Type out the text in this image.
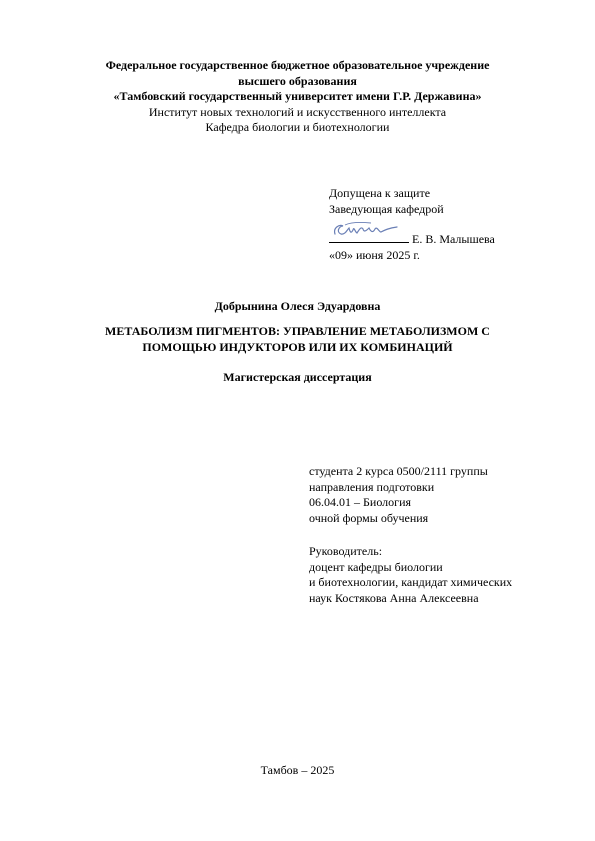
Федеральное государственное бюджетное образовательное учреждение
высшего образования
«Тамбовский государственный университет имени Г.Р. Державина»
Институт новых технологий и искусственного интеллекта
Кафедра биологии и биотехнологии
Допущена к защите
Заведующая кафедрой
Е. В. Малышева
«09» июня 2025 г.
Добрынина Олеся Эдуардовна
МЕТАБОЛИЗМ ПИГМЕНТОВ: УПРАВЛЕНИЕ МЕТАБОЛИЗМОМ С
ПОМОЩЬЮ ИНДУКТОРОВ ИЛИ ИХ КОМБИНАЦИЙ
Магистерская диссертация
студента 2 курса 0500/2111 группы
направления подготовки
06.04.01 – Биология
очной формы обучения
Руководитель:
доцент кафедры биологии
и биотехнологии, кандидат химических
наук Костякова Анна Алексеевна
Тамбов – 2025
